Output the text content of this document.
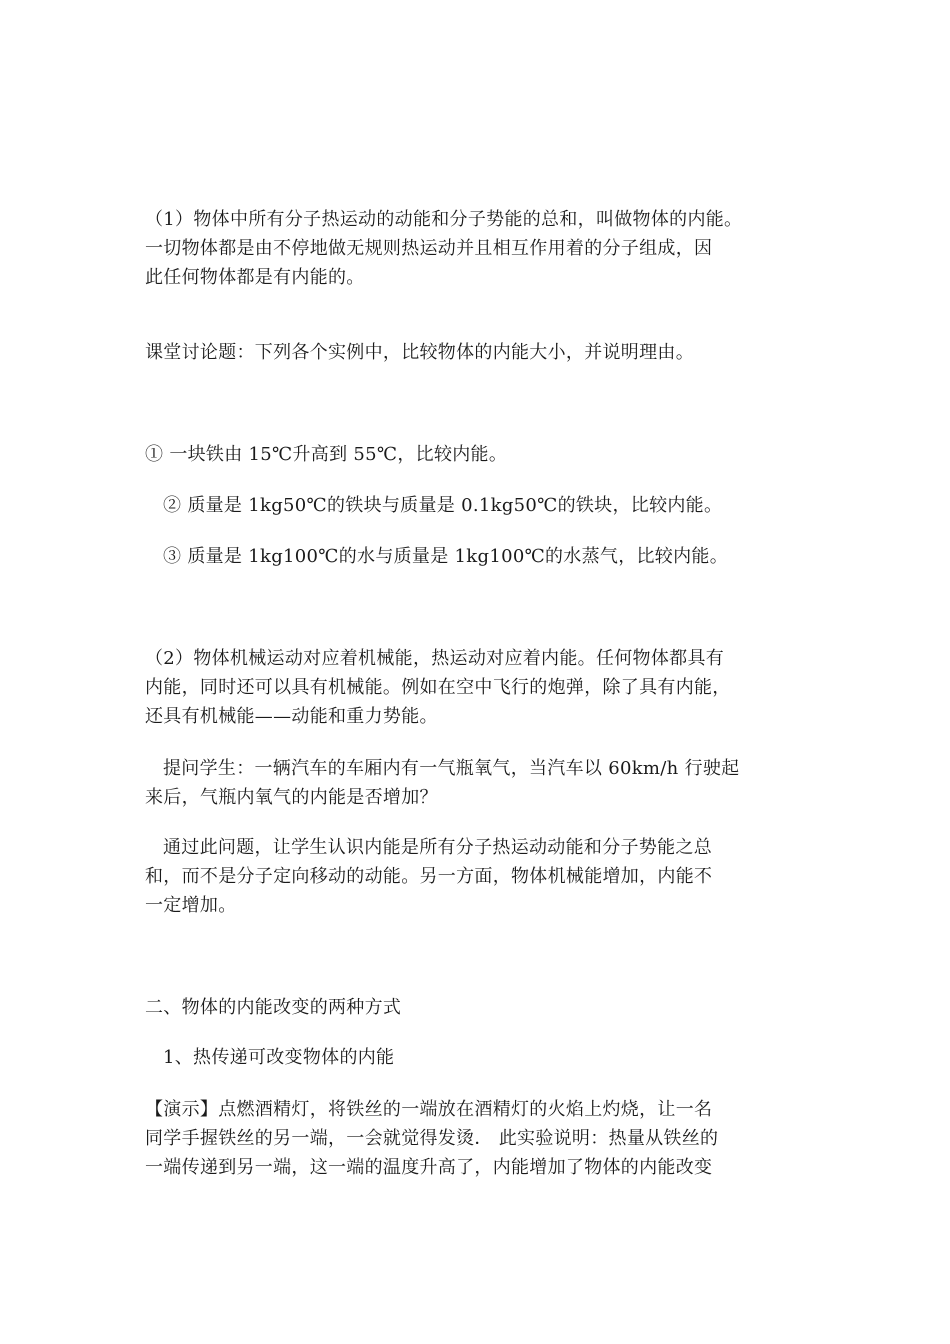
（1）物体中所有分子热运动的动能和分子势能的总和，叫做物体的内能。
一切物体都是由不停地做无规则热运动并且相互作用着的分子组成，因
此任何物体都是有内能的。
课堂讨论题：下列各个实例中，比较物体的内能大小，并说明理由。
① 一块铁由 15℃升高到 55℃，比较内能。
② 质量是 1kg50℃的铁块与质量是 0.1kg50℃的铁块，比较内能。
③ 质量是 1kg100℃的水与质量是 1kg100℃的水蒸气，比较内能。
（2）物体机械运动对应着机械能，热运动对应着内能。任何物体都具有
内能，同时还可以具有机械能。例如在空中飞行的炮弹，除了具有内能，
还具有机械能——动能和重力势能。
提问学生：一辆汽车的车厢内有一气瓶氧气，当汽车以 60km/h 行驶起
来后，气瓶内氧气的内能是否增加？
通过此问题，让学生认识内能是所有分子热运动动能和分子势能之总
和，而不是分子定向移动的动能。另一方面，物体机械能增加，内能不
一定增加。
二、物体的内能改变的两种方式
1、热传递可改变物体的内能
【演示】点燃酒精灯，将铁丝的一端放在酒精灯的火焰上灼烧，让一名
同学手握铁丝的另一端，一会就觉得发烫． 此实验说明：热量从铁丝的
一端传递到另一端，这一端的温度升高了，内能增加了物体的内能改变
